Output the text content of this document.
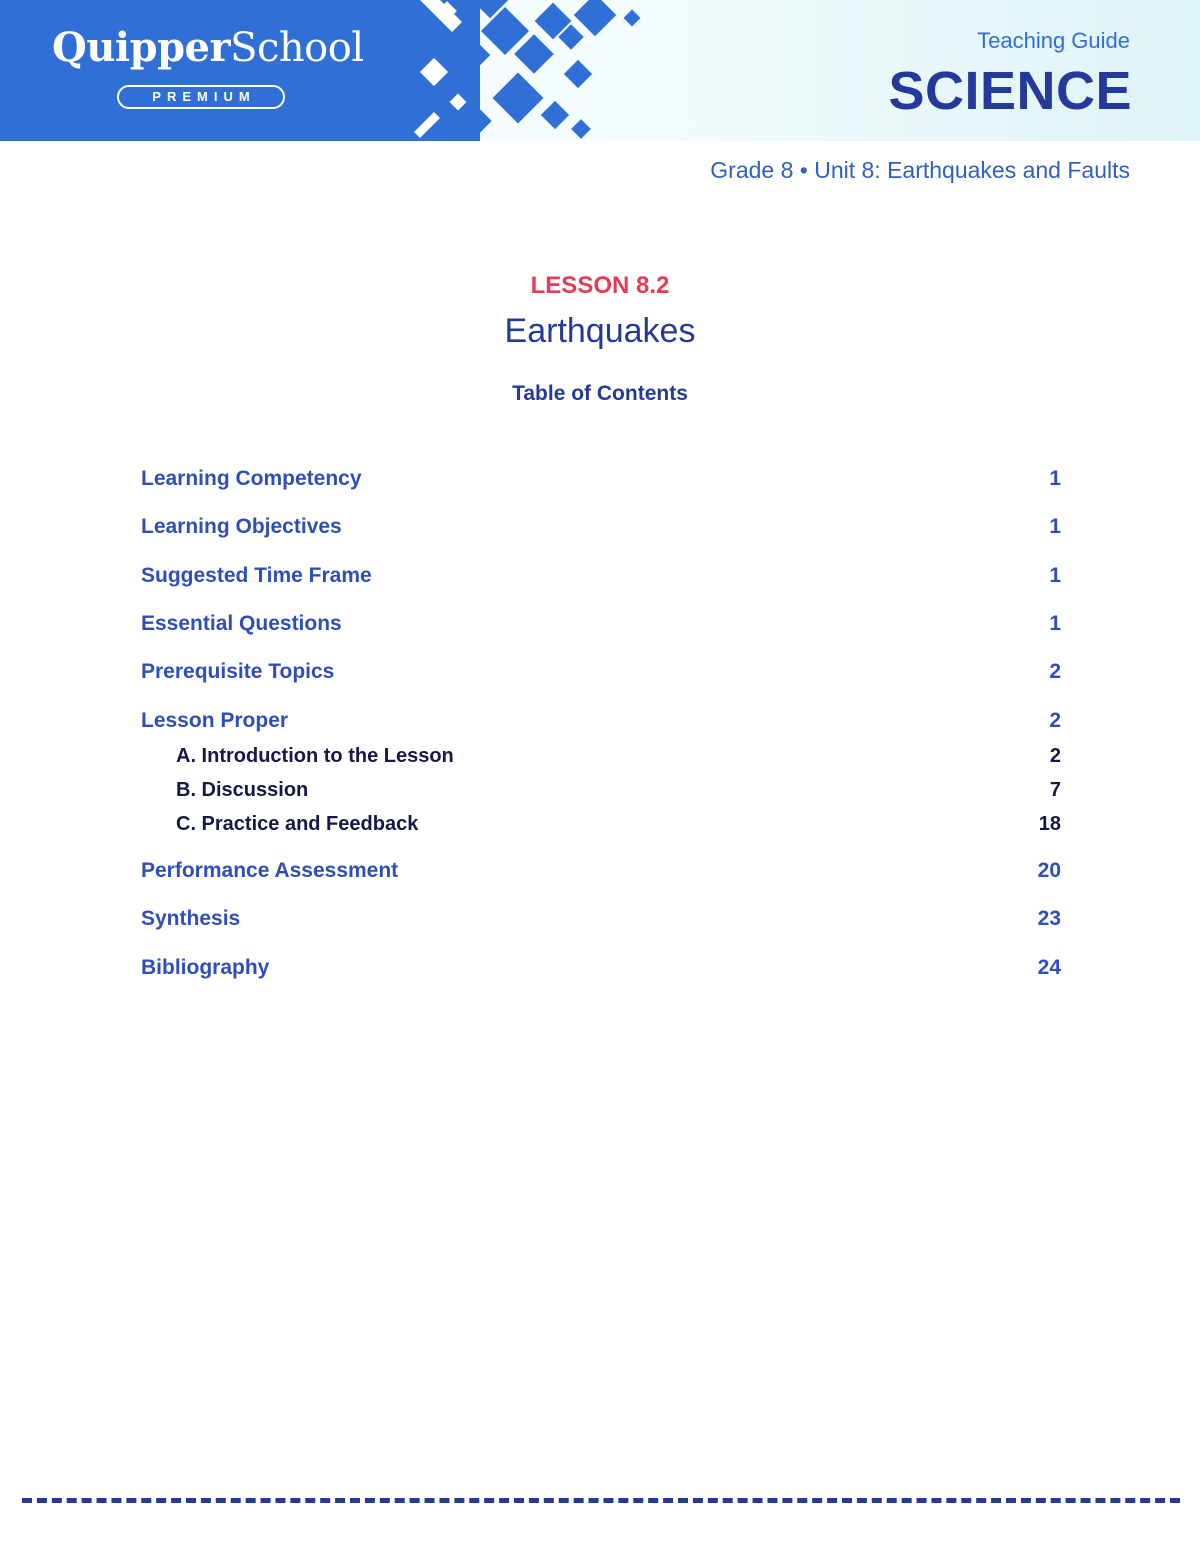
QuipperSchool
PREMIUM
Teaching Guide
SCIENCE
Grade 8 • Unit 8: Earthquakes and Faults
LESSON 8.2
Earthquakes
Table of Contents
Learning Competency	1
Learning Objectives	1
Suggested Time Frame	1
Essential Questions	1
Prerequisite Topics	2
Lesson Proper	2
A. Introduction to the Lesson	2
B. Discussion	7
C. Practice and Feedback	18
Performance Assessment	20
Synthesis	23
Bibliography	24
